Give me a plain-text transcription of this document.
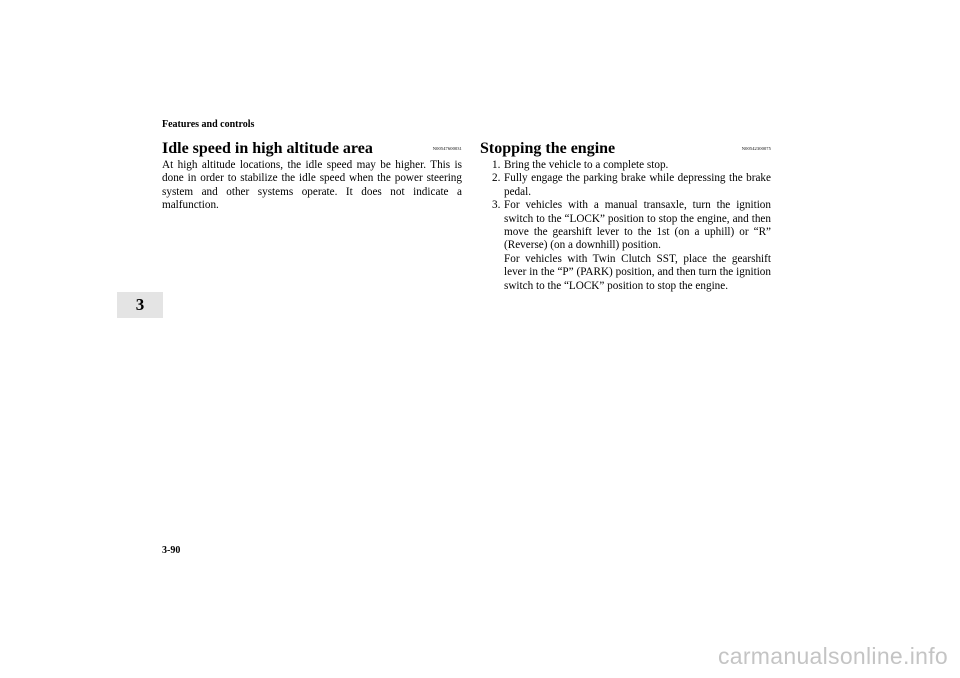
Features and controls
3
Idle speed in high altitude area	N00547600031

At high altitude locations, the idle speed may be higher. This is done in order to stabilize the idle speed when the power steering system and other systems operate. It does not indicate a malfunction.

Stopping the engine	N00542300075
1. Bring the vehicle to a complete stop.
2. Fully engage the parking brake while depressing the brake pedal.
3. For vehicles with a manual transaxle, turn the ignition switch to the “LOCK” position to stop the engine, and then move the gearshift lever to the 1st (on a uphill) or “R” (Reverse) (on a downhill) position.
For vehicles with Twin Clutch SST, place the gearshift lever in the “P” (PARK) position, and then turn the ignition switch to the “LOCK” position to stop the engine.
3-90
carmanualsonline.info
